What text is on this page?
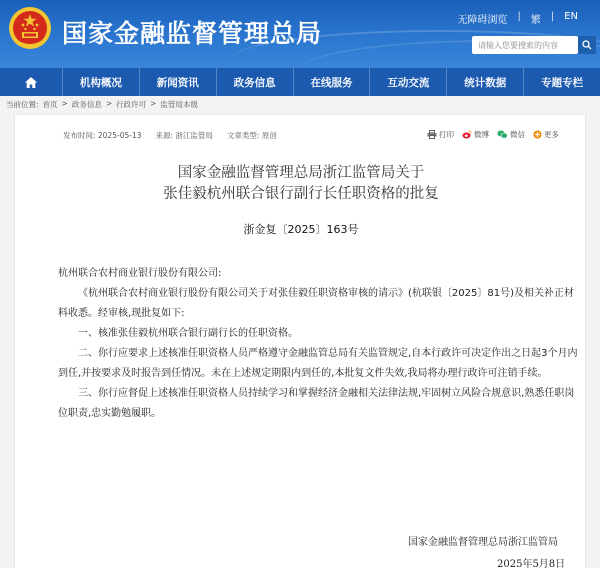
国家金融监督管理总局	无障碍浏览 | 繁 | EN
请输入您要搜索的内容
机构概况	新闻资讯	政务信息	在线服务	互动交流	统计数据	专题专栏
当前位置: 首页 > 政务信息 > 行政许可 > 监管局本级
发布时间: 2025-05-13 来源: 浙江监管局 文章类型: 原创	打印	微博	微信	更多
国家金融监督管理总局浙江监管局关于
张佳毅杭州联合银行副行长任职资格的批复
浙金复〔2025〕163号

杭州联合农村商业银行股份有限公司:

《杭州联合农村商业银行股份有限公司关于对张佳毅任职资格审核的请示》(杭联银〔2025〕81号)及相关补正材料收悉。经审核,现批复如下:

一、核准张佳毅杭州联合银行副行长的任职资格。

二、你行应要求上述核准任职资格人员严格遵守金融监管总局有关监管规定,自本行政许可决定作出之日起3个月内到任,并按要求及时报告到任情况。未在上述规定期限内到任的,本批复文件失效,我局将办理行政许可注销手续。

三、你行应督促上述核准任职资格人员持续学习和掌握经济金融相关法律法规,牢固树立风险合规意识,熟悉任职岗位职责,忠实勤勉履职。

国家金融监督管理总局浙江监管局
2025年5月8日
